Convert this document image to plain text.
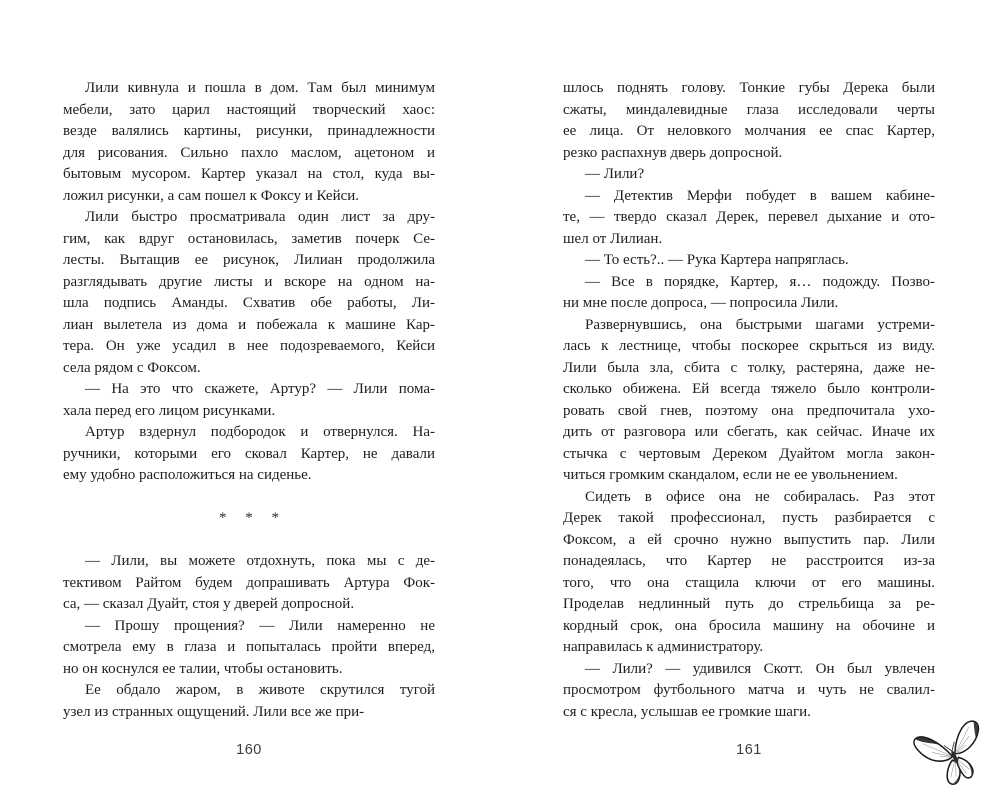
Лили кивнула и пошла в дом. Там был минимум
мебели, зато царил настоящий творческий хаос:
везде валялись картины, рисунки, принадлежности
для рисования. Сильно пахло маслом, ацетоном и
бытовым мусором. Картер указал на стол, куда вы-
ложил рисунки, а сам пошел к Фоксу и Кейси.
Лили быстро просматривала один лист за дру-
гим, как вдруг остановилась, заметив почерк Се-
лесты. Вытащив ее рисунок, Лилиан продолжила
разглядывать другие листы и вскоре на одном на-
шла подпись Аманды. Схватив обе работы, Ли-
лиан вылетела из дома и побежала к машине Кар-
тера. Он уже усадил в нее подозреваемого, Кейси
села рядом с Фоксом.
— На это что скажете, Артур? — Лили пома-
хала перед его лицом рисунками.
Артур вздернул подбородок и отвернулся. На-
ручники, которыми его сковал Картер, не давали
ему удобно расположиться на сиденье.
* * *
— Лили, вы можете отдохнуть, пока мы с де-
тективом Райтом будем допрашивать Артура Фок-
са, — сказал Дуайт, стоя у дверей допросной.
— Прошу прощения? — Лили намеренно не
смотрела ему в глаза и попыталась пройти вперед,
но он коснулся ее талии, чтобы остановить.
Ее обдало жаром, в животе скрутился тугой
узел из странных ощущений. Лили все же при-
шлось поднять голову. Тонкие губы Дерека были
сжаты, миндалевидные глаза исследовали черты
ее лица. От неловкого молчания ее спас Картер,
резко распахнув дверь допросной.
— Лили?
— Детектив Мерфи побудет в вашем кабине-
те, — твердо сказал Дерек, перевел дыхание и ото-
шел от Лилиан.
— То есть?.. — Рука Картера напряглась.
— Все в порядке, Картер, я… подожду. Позво-
ни мне после допроса, — попросила Лили.
Развернувшись, она быстрыми шагами устреми-
лась к лестнице, чтобы поскорее скрыться из виду.
Лили была зла, сбита с толку, растеряна, даже не-
сколько обижена. Ей всегда тяжело было контроли-
ровать свой гнев, поэтому она предпочитала ухо-
дить от разговора или сбегать, как сейчас. Иначе их
стычка с чертовым Дереком Дуайтом могла закон-
читься громким скандалом, если не ее увольнением.
Сидеть в офисе она не собиралась. Раз этот
Дерек такой профессионал, пусть разбирается с
Фоксом, а ей срочно нужно выпустить пар. Лили
понадеялась, что Картер не расстроится из-за
того, что она стащила ключи от его машины.
Проделав недлинный путь до стрельбища за ре-
кордный срок, она бросила машину на обочине и
направилась к администратору.
— Лили? — удивился Скотт. Он был увлечен
просмотром футбольного матча и чуть не свалил-
ся с кресла, услышав ее громкие шаги.
160	161
